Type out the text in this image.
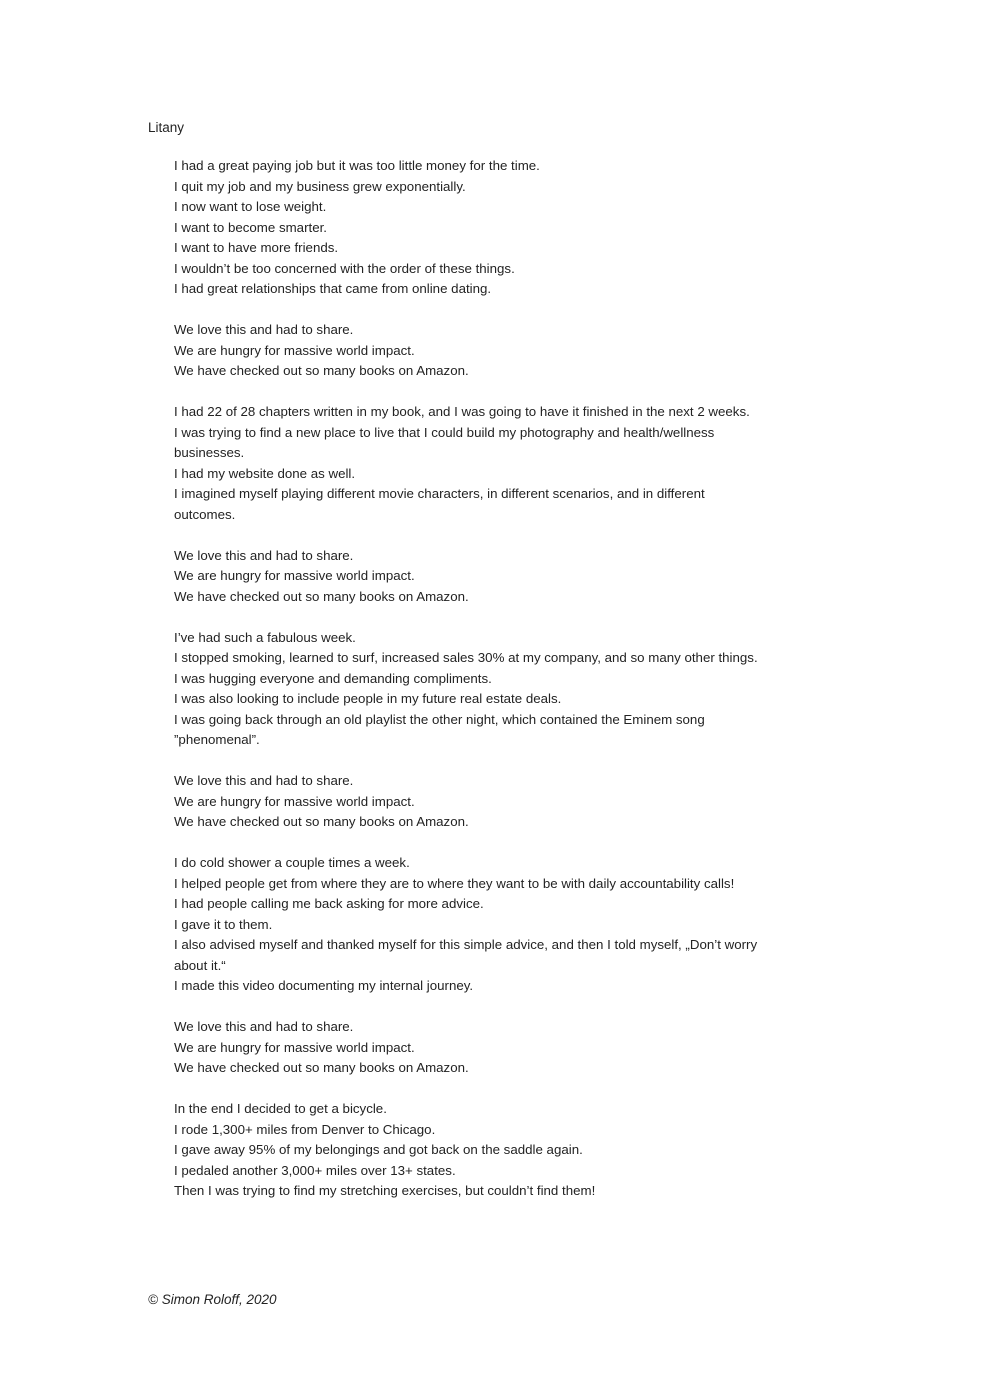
Litany
I had a great paying job but it was too little money for the time.
I quit my job and my business grew exponentially.
I now want to lose weight.
I want to become smarter.
I want to have more friends.
I wouldn’t be too concerned with the order of these things.
I had great relationships that came from online dating.
We love this and had to share.
We are hungry for massive world impact.
We have checked out so many books on Amazon.
I had 22 of 28 chapters written in my book, and I was going to have it finished in the next 2 weeks.
I was trying to find a new place to live that I could build my photography and health/wellness
businesses.
I had my website done as well.
I imagined myself playing different movie characters, in different scenarios, and in different
outcomes.
We love this and had to share.
We are hungry for massive world impact.
We have checked out so many books on Amazon.
I’ve had such a fabulous week.
I stopped smoking, learned to surf, increased sales 30% at my company, and so many other things.
I was hugging everyone and demanding compliments.
I was also looking to include people in my future real estate deals.
I was going back through an old playlist the other night, which contained the Eminem song
”phenomenal”.
We love this and had to share.
We are hungry for massive world impact.
We have checked out so many books on Amazon.
I do cold shower a couple times a week.
I helped people get from where they are to where they want to be with daily accountability calls!
I had people calling me back asking for more advice.
I gave it to them.
I also advised myself and thanked myself for this simple advice, and then I told myself, „Don’t worry
about it.“
I made this video documenting my internal journey.
We love this and had to share.
We are hungry for massive world impact.
We have checked out so many books on Amazon.
In the end I decided to get a bicycle.
I rode 1,300+ miles from Denver to Chicago.
I gave away 95% of my belongings and got back on the saddle again.
I pedaled another 3,000+ miles over 13+ states.
Then I was trying to find my stretching exercises, but couldn’t find them!
© Simon Roloff, 2020
